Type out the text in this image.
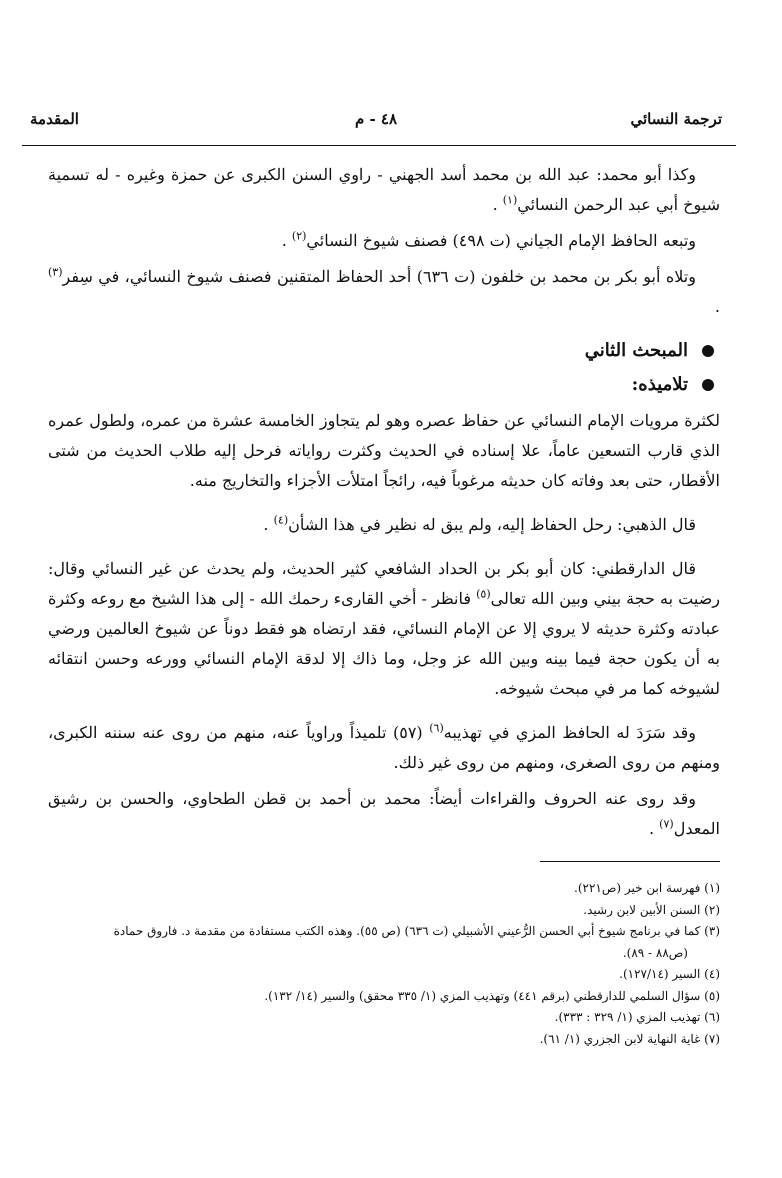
ترجمة النسائي
٤٨ - م
المقدمة

وكذا أبو محمد: عبد الله بن محمد أسد الجهني - راوي السنن الكبرى عن حمزة وغيره - له تسمية شيوخ أبي عبد الرحمن النسائي$^{(١)}$ .

وتبعه الحافظ الإمام الجياني (ت ٤٩٨) فصنف شيوخ النسائي$^{(٢)}$ .

وتلاه أبو بكر بن محمد بن خلفون (ت ٦٣٦) أحد الحفاظ المتقنين فصنف شيوخ النسائي، في سِفر$^{(٣)}$ .

المبحث الثاني
تلاميذه:

لكثرة مرويات الإمام النسائي عن حفاظ عصره وهو لم يتجاوز الخامسة عشرة من عمره، ولطول عمره الذي قارب التسعين عاماً، علا إسناده في الحديث وكثرت رواياته فرحل إليه طلاب الحديث من شتى الأقطار، حتى بعد وفاته كان حديثه مرغوباً فيه، رائجاً امتلأت الأجزاء والتخاريج منه.

قال الذهبي: رحل الحفاظ إليه، ولم يبق له نظير في هذا الشأن$^{(٤)}$ .

قال الدارقطني: كان أبو بكر بن الحداد الشافعي كثير الحديث، ولم يحدث عن غير النسائي وقال: رضيت به حجة بيني وبين الله تعالى$^{(٥)}$ فانظر - أخي القارىء رحمك الله - إلى هذا الشيخ مع روعه وكثرة عبادته وكثرة حديثه لا يروي إلا عن الإمام النسائي، فقد ارتضاه هو فقط دوناً عن شيوخ العالمين ورضي به أن يكون حجة فيما بينه وبين الله عز وجل، وما ذاك إلا لدقة الإمام النسائي وورعه وحسن انتقائه لشيوخه كما مر في مبحث شيوخه.

وقد سَرَدَ له الحافظ المزي في تهذيبه$^{(٦)}$ (٥٧) تلميذاً وراوياً عنه، منهم من روى عنه سننه الكبرى، ومنهم من روى الصغرى، ومنهم من روى غير ذلك.

وقد روى عنه الحروف والقراءات أيضاً: محمد بن أحمد بن قطن الطحاوي، والحسن بن رشيق المعدل$^{(٧)}$ .

(١) فهرسة ابن خير (ص٢٢١).

(٢) السنن الأبين لابن رشيد.

(٣) كما في برنامج شيوخ أبي الحسن الرُّعيني الأشبيلي (ت ٦٣٦) (ص ٥٥). وهذه الكتب مستفادة من مقدمة د. فاروق حمادة

(ص٨٨ - ٨٩).

(٤) السير (١٢٧/١٤).

(٥) سؤال السلمي للدارقطني (برقم ٤٤١) وتهذيب المزي (١/ ٣٣٥ محقق) والسير (١٤/ ١٣٢).

(٦) تهذيب المزي (١/ ٣٢٩ : ٣٣٣).

(٧) غاية النهاية لابن الجزري (١/ ٦١).
